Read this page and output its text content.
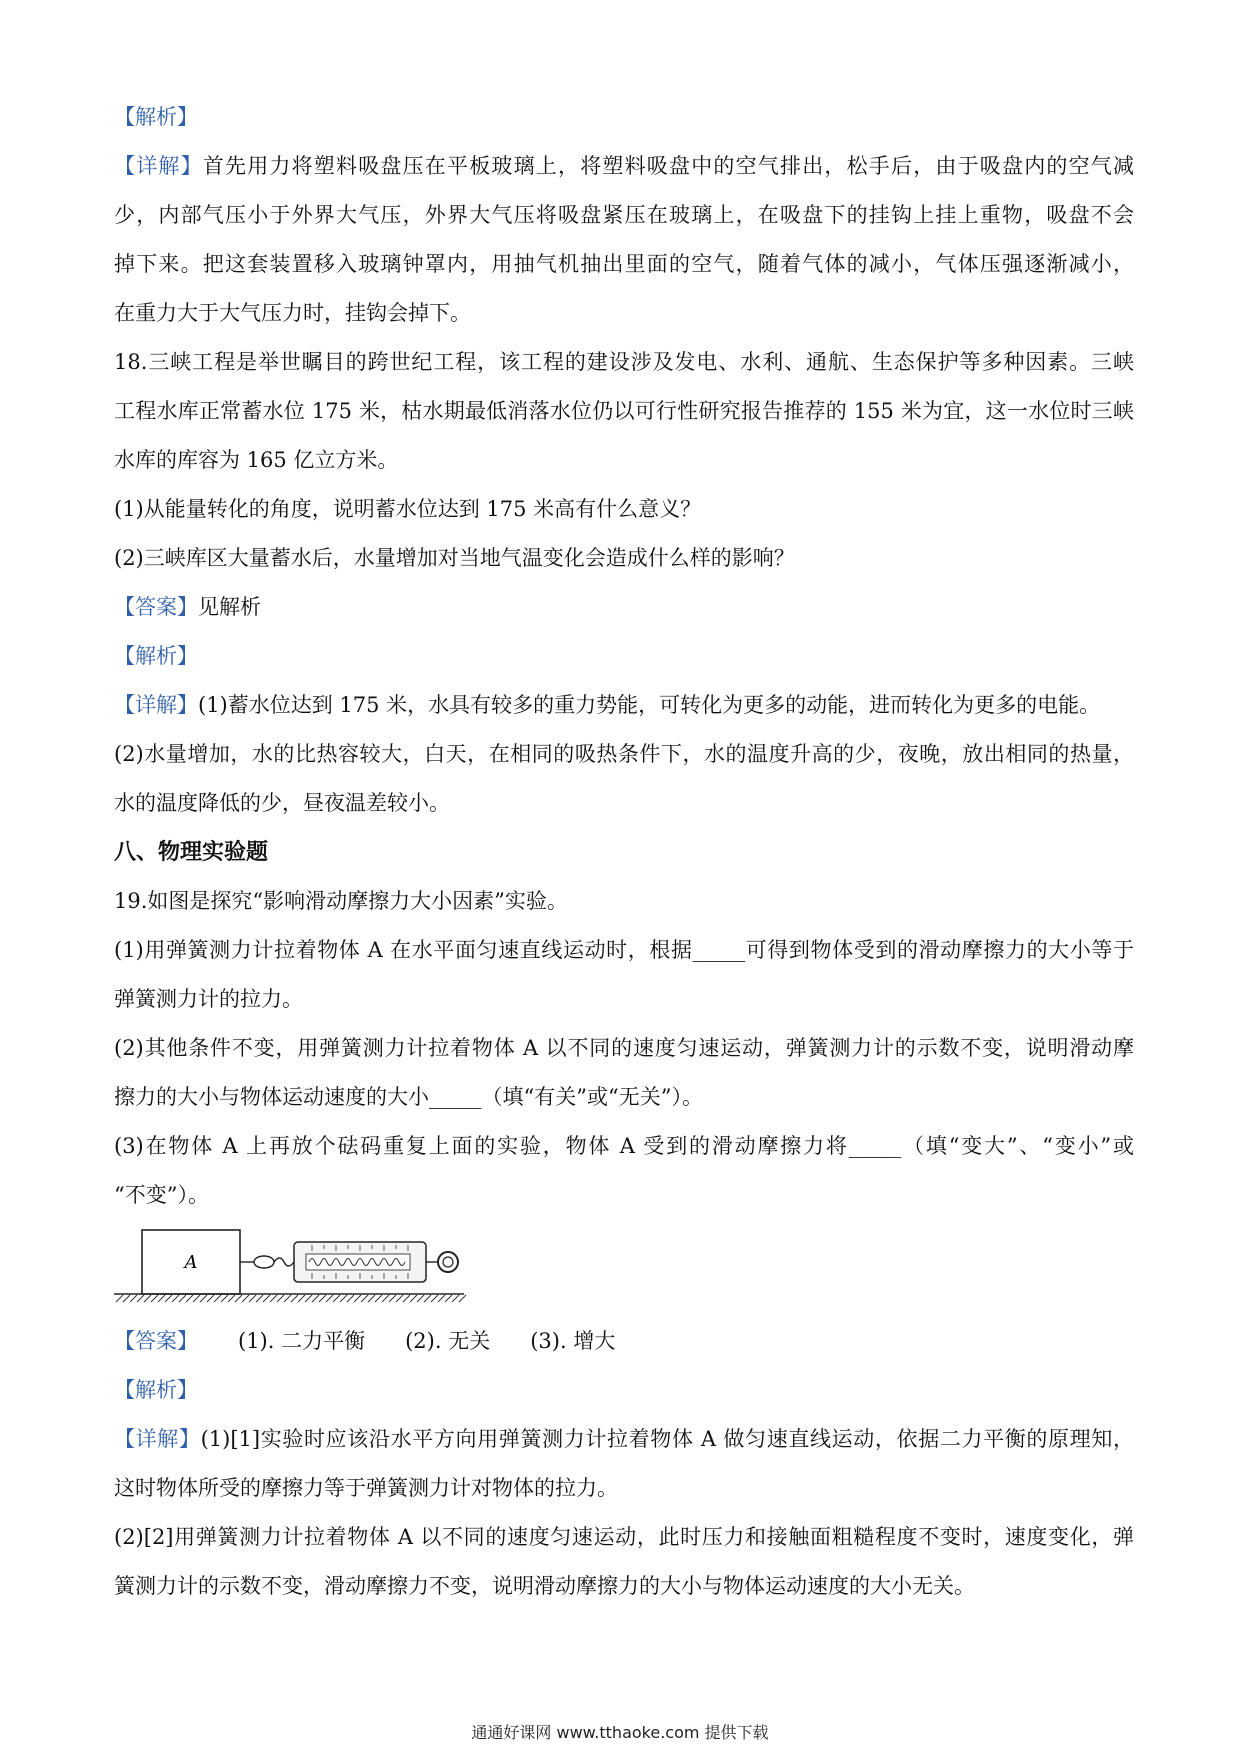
【解析】
【详解】首先用力将塑料吸盘压在平板玻璃上，将塑料吸盘中的空气排出，松手后，由于吸盘内的空气减
少，内部气压小于外界大气压，外界大气压将吸盘紧压在玻璃上，在吸盘下的挂钩上挂上重物，吸盘不会
掉下来。把这套装置移入玻璃钟罩内，用抽气机抽出里面的空气，随着气体的减小，气体压强逐渐减小，
在重力大于大气压力时，挂钩会掉下。
18.三峡工程是举世瞩目的跨世纪工程，该工程的建设涉及发电、水利、通航、生态保护等多种因素。三峡
工程水库正常蓄水位 175 米，枯水期最低消落水位仍以可行性研究报告推荐的 155 米为宜，这一水位时三峡
水库的库容为 165 亿立方米。
(1)从能量转化的角度，说明蓄水位达到 175 米高有什么意义？
(2)三峡库区大量蓄水后，水量增加对当地气温变化会造成什么样的影响？
【答案】见解析
【解析】
【详解】(1)蓄水位达到 175 米，水具有较多的重力势能，可转化为更多的动能，进而转化为更多的电能。
(2)水量增加，水的比热容较大，白天，在相同的吸热条件下，水的温度升高的少，夜晚，放出相同的热量，
水的温度降低的少，昼夜温差较小。
八、物理实验题
19.如图是探究“影响滑动摩擦力大小因素”实验。
(1)用弹簧测力计拉着物体 A 在水平面匀速直线运动时，根据_____可得到物体受到的滑动摩擦力的大小等于
弹簧测力计的拉力。
(2)其他条件不变，用弹簧测力计拉着物体 A 以不同的速度匀速运动，弹簧测力计的示数不变，说明滑动摩
擦力的大小与物体运动速度的大小_____（填“有关”或“无关”）。
(3)在物体 A 上再放个砝码重复上面的实验，物体 A 受到的滑动摩擦力将_____（填“变大”、“变小”或
“不变”）。
A
【答案】 (1). 二力平衡 (2). 无关 (3). 增大
【解析】
【详解】(1)[1]实验时应该沿水平方向用弹簧测力计拉着物体 A 做匀速直线运动，依据二力平衡的原理知，
这时物体所受的摩擦力等于弹簧测力计对物体的拉力。
(2)[2]用弹簧测力计拉着物体 A 以不同的速度匀速运动，此时压力和接触面粗糙程度不变时，速度变化，弹
簧测力计的示数不变，滑动摩擦力不变，说明滑动摩擦力的大小与物体运动速度的大小无关。
通通好课网 www.tthaoke.com 提供下载
